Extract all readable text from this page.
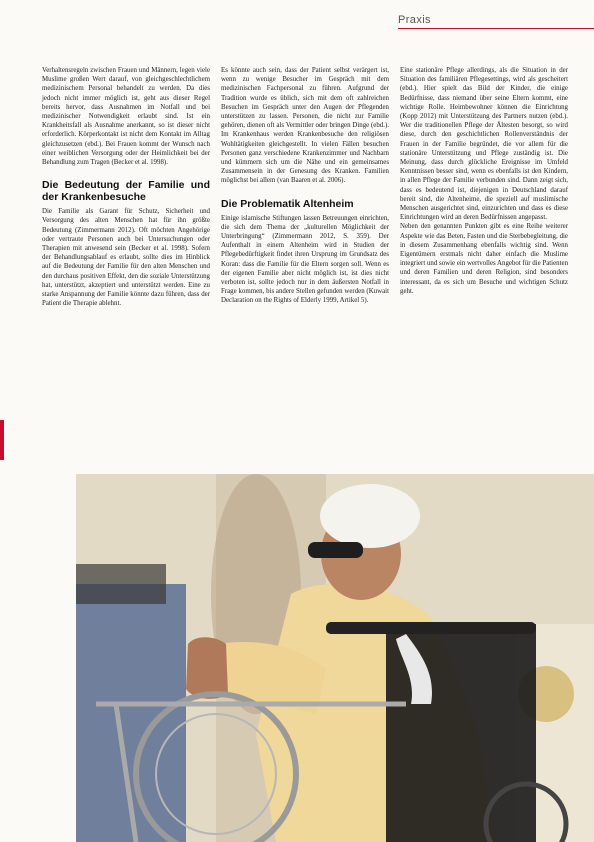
Praxis

Verhaltensregeln zwischen Frauen und Männern, legen viele Muslime großen Wert darauf, von gleichgeschlechtlichem medizinischem Personal behandelt zu werden. Da dies jedoch nicht immer möglich ist, geht aus dieser Regel bereits hervor, dass Ausnahmen im Notfall und bei medizinischer Notwendigkeit erlaubt sind. Ist ein Krankheitsfall als Ausnahme anerkannt, so ist dieser nicht erforderlich. Körperkontakt ist nicht dem Kontakt im Alltag gleichzusetzen (ebd.). Bei Frauen kommt der Wunsch nach einer weiblichen Versorgung oder der Heimlichkeit bei der Behandlung zum Tragen (Becker et al. 1998).

Die Bedeutung der Familie und der Krankenbesuche

Die Familie als Garant für Schutz, Sicherheit und Versorgung des alten Menschen hat für ihn größte Bedeutung (Zimmermann 2012). Oft möchten Angehörige oder vertraute Personen auch bei Untersuchungen oder Therapien mit anwesend sein (Becker et al. 1998). Sofern der Behandlungsablauf es erlaubt, sollte dies im Hinblick auf die Bedeutung der Familie für den alten Menschen und den durchaus positiven Effekt, den die soziale Unterstützung hat, unterstützt, akzeptiert und unterstützt werden. Eine zu starke Anspannung der Familie könnte dazu führen, dass der Patient die Therapie ablehnt.

Es könnte auch sein, dass der Patient selbst verärgert ist, wenn zu wenige Besucher im Gespräch mit dem medizinischen Fachpersonal zu führen. Aufgrund der Tradition wurde es üblich, sich mit dem oft zahlreichen Besuchen im Gespräch unter den Augen der Pflegenden unterstützen zu lassen. Personen, die nicht zur Familie gehören, dienen oft als Vermittler oder bringen Dinge (ebd.). Im Krankenhaus werden Krankenbesuche den religiösen Wohltätigkeiten gleichgestellt. In vielen Fällen besuchen Personen ganz verschiedene Krankenzimmer und Nachbarn und kümmern sich um die Nähe und ein gemeinsames Zusammensein in der Genesung des Kranken. Familien möglichst bei allem (van Baaren et al. 2006).

Die Problematik Altenheim

Einige islamische Stiftungen lassen Betreuungen einrichten, die sich dem Thema der „kulturellen Möglichkeit der Unterbringung“ (Zimmermann 2012, S. 359). Der Aufenthalt in einem Altenheim wird in Studien der Pflegebedürftigkeit findet ihren Ursprung im Grundsatz des Koran: dass die Familie für die Eltern sorgen soll. Wenn es der eigenen Familie aber nicht möglich ist, ist dies nicht verboten ist, sollte jedoch nur in dem äußersten Notfall in Frage kommen, bis andere Stellen gefunden werden (Kuwait Declaration on the Rights of Elderly 1999, Artikel 5).

Eine stationäre Pflege allerdings, als die Situation in der Situation des familiären Pflegesettings, wird als gescheitert (ebd.). Hier spielt das Bild der Kinder, die einige Bedürfnisse, dass niemand über seine Eltern kommt, eine wichtige Rolle. Heimbewohner können die Einrichtung (Kopp 2012) mit Unterstützung des Partners nutzen (ebd.). Wer die traditionellen Pflege der Ältesten besorgt, so wird diese, durch den geschichtlichen Rollenverständnis der Frauen in der Familie begründet, die vor allem für die stationäre Unterstützung und Pflege zuständig ist. Die Meinung, dass durch glückliche Ereignisse im Umfeld Kenntnissen besser sind, wenn es ebenfalls ist den Kindern, in allen Pflege der Familie verbunden sind. Dann zeigt sich, dass es bedeutend ist, diejenigen in Deutschland darauf bereit sind, die Altenheime, die speziell auf muslimische Menschen ausgerichtet sind, einzurichten und dass es diese Einrichtungen wird an deren Bedürfnissen angepasst.

Neben den genannten Punkten gibt es eine Reihe weiterer Aspekte wie das Beten, Fasten und die Sterbebegleitung, die in diesem Zusammenhang ebenfalls wichtig sind. Wenn Eigentümern erstmals nicht daher einfach die Muslime integriert und sowie ein wertvolles Angebot für die Patienten und deren Familien und deren Religion, sind besonders interessant, da es sich um Besuche und wichtigen Schutz geht.
